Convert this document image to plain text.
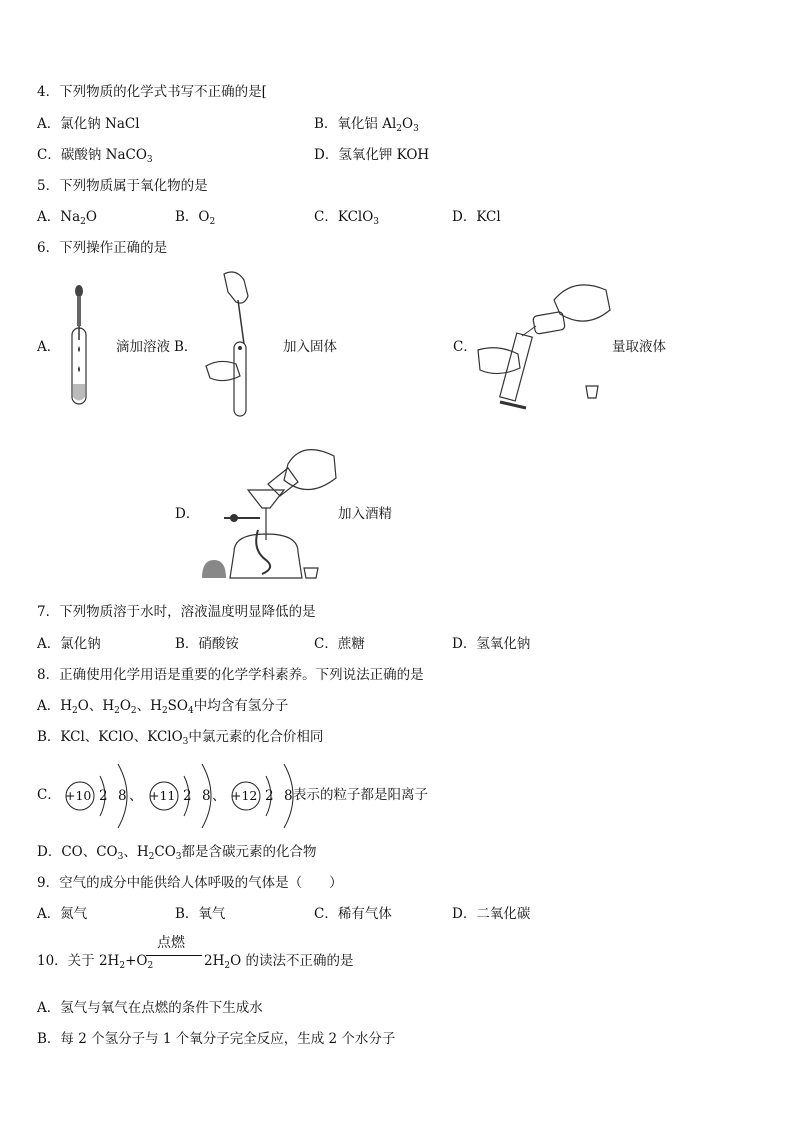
4．下列物质的化学式书写不正确的是[
A．氯化钠 NaCl	B．氧化铝 $Al_2O_3$
C．碳酸钠 NaCO$_3$	D．氢氧化钾 KOH
5．下列物质属于氧化物的是
A．$Na_2O$	B．$O_2$	C．KClO$_3$	D．KCl
6．下列操作正确的是
A．	滴加溶液 B．	加入固体	C．	量取液体
D．	加入酒精
7．下列物质溶于水时，溶液温度明显降低的是
A．氯化钠	B．硝酸铵	C．蔗糖	D．氢氧化钠
8．正确使用化学用语是重要的化学学科素养。下列说法正确的是
A．$H_2O$、$H_2O_2$、$H_2SO_4$中均含有氢分子
B．KCl、KClO、KClO$_3$中氯元素的化合价相同
C． +10 2 8 、 +11 2 8 、 +12 2 8 表示的粒子都是阳离子
D．CO、$CO_3$、$H_2CO_3$都是含碳元素的化合物
9．空气的成分中能供给人体呼吸的气体是（　　）
A．氮气	B．氧气	C．稀有气体	D．二氧化碳
点燃
10．关于 $2H_2+O_2$	$2H_2O$ 的读法不正确的是
A．氢气与氧气在点燃的条件下生成水
B．每 2 个氢分子与 1 个氧分子完全反应，生成 2 个水分子
